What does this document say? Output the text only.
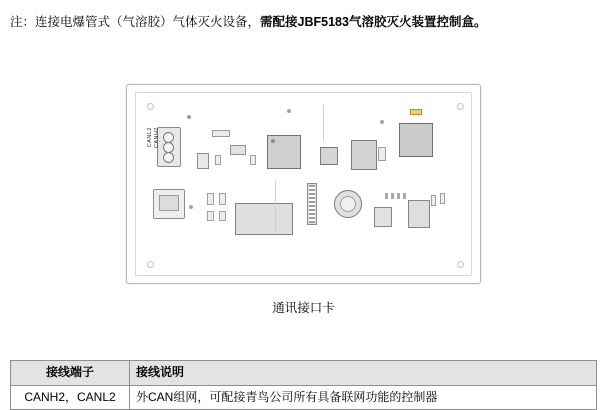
注：连接电爆管式（气溶胶）气体灭火设备，需配接JBF5183气溶胶灭火装置控制盒。
CANL2 CANH2
通讯接口卡
接线端子	接线说明
CANH2，CANL2	外CAN组网，可配接青鸟公司所有具备联网功能的控制器
